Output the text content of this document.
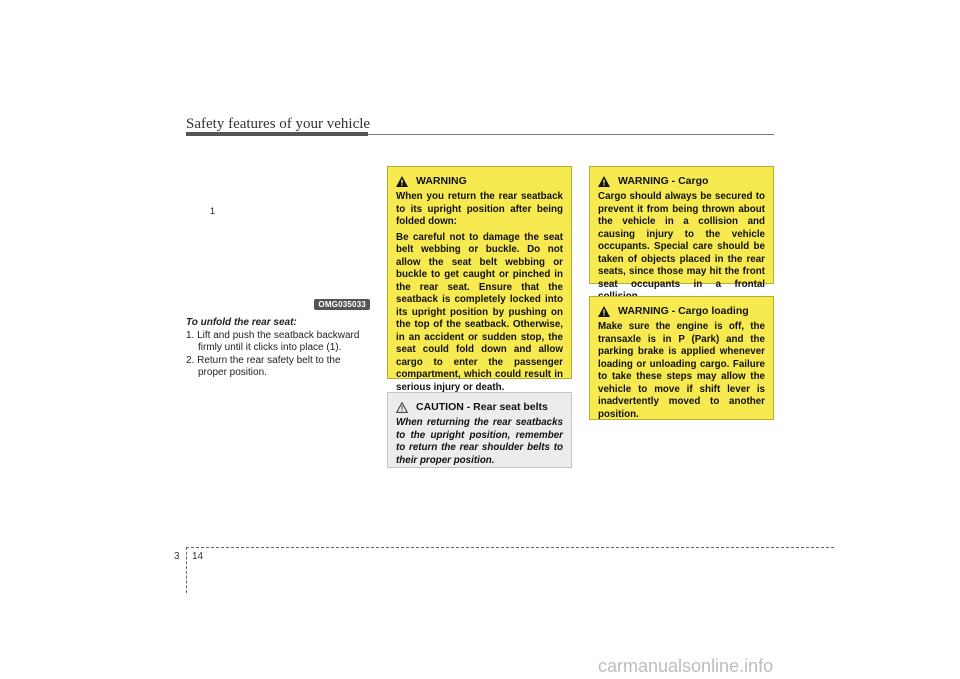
Safety features of your vehicle
1
OMG035033
To unfold the rear seat:
1. Lift and push the seatback backward firmly until it clicks into place (1).
2. Return the rear safety belt to the proper position.
WARNING

When you return the rear seatback to its upright position after being folded down:

Be careful not to damage the seat belt webbing or buckle. Do not allow the seat belt webbing or buckle to get caught or pinched in the rear seat. Ensure that the seatback is completely locked into its upright position by pushing on the top of the seatback. Otherwise, in an accident or sudden stop, the seat could fold down and allow cargo to enter the passenger compartment, which could result in serious injury or death.

CAUTION
- Rear seat belts
When returning the rear seatbacks to the upright position, remember to return the rear shoulder belts to their proper position.
WARNING
- Cargo
Cargo should always be secured to prevent it from being thrown about the vehicle in a collision and causing injury to the vehicle occupants. Special care should be taken of objects placed in the rear seats, since those may hit the front seat occupants in a frontal
WARNING
- Cargo loading
Make sure the engine is off, the transaxle is in P (Park) and the parking brake is applied whenever loading or unloading cargo. Failure to take these steps may allow the vehicle to move if shift lever is inadvertently moved to another position.
3 14
carmanualsonline.info
